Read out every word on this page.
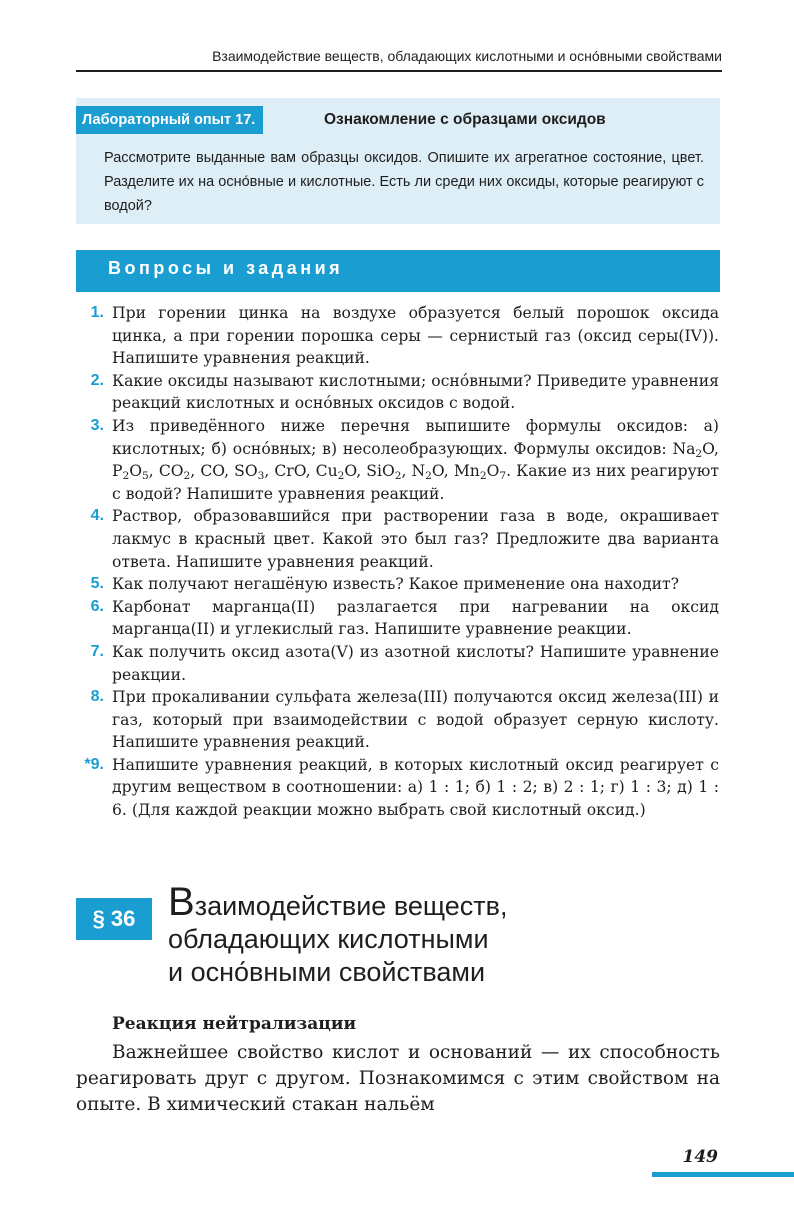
Взаимодействие веществ, обладающих кислотными и осно́вными свойствами
Лабораторный опыт 17.	Ознакомление с образцами оксидов
Рассмотрите выданные вам образцы оксидов. Опишите их агрегатное состояние, цвет. Разделите их на осно́вные и кислотные. Есть ли среди них оксиды, которые реагируют с водой?
Вопросы и задания
1. При горении цинка на воздухе образуется белый порошок оксида цинка, а при горении порошка серы — сернистый газ (оксид серы(IV)). Напишите уравнения реакций.
2. Какие оксиды называют кислотными; осно́вными? Приведите уравнения реакций кислотных и осно́вных оксидов с водой.
3. Из приведённого ниже перечня выпишите формулы оксидов: а) кислотных; б) осно́вных; в) несолеобразующих. Формулы оксидов: $Na_2O$, $P_2O_5$, $CO_2$, CO, $SO_3$, CrO, $Cu_2O$, SiO$_2$, $N_2O$, $Mn_2O_7$. Какие из них реагируют с водой? Напишите уравнения реакций.
4. Раствор, образовавшийся при растворении газа в воде, окрашивает лакмус в красный цвет. Какой это был газ? Предложите два варианта ответа. Напишите уравнения реакций.
5. Как получают негашёную известь? Какое применение она находит?
6. Карбонат марганца(II) разлагается при нагревании на оксид марганца(II) и углекислый газ. Напишите уравнение реакции.
7. Как получить оксид азота(V) из азотной кислоты? Напишите уравнение реакции.
8. При прокаливании сульфата железа(III) получаются оксид железа(III) и газ, который при взаимодействии с водой образует серную кислоту. Напишите уравнения реакций.
*9. Напишите уравнения реакций, в которых кислотный оксид реагирует с другим веществом в соотношении: а) 1 : 1; б) 1 : 2; в) 2 : 1; г) 1 : 3; д) 1 : 6. (Для каждой реакции можно выбрать свой кислотный оксид.)
§ 36 Взаимодействие веществ,
обладающих кислотными
и осно́вными свойствами
Реакция нейтрализации
Важнейшее свойство кислот и оснований — их способность реагировать друг с другом. Познакомимся с этим свойством на опыте. В химический стакан нальём
149
